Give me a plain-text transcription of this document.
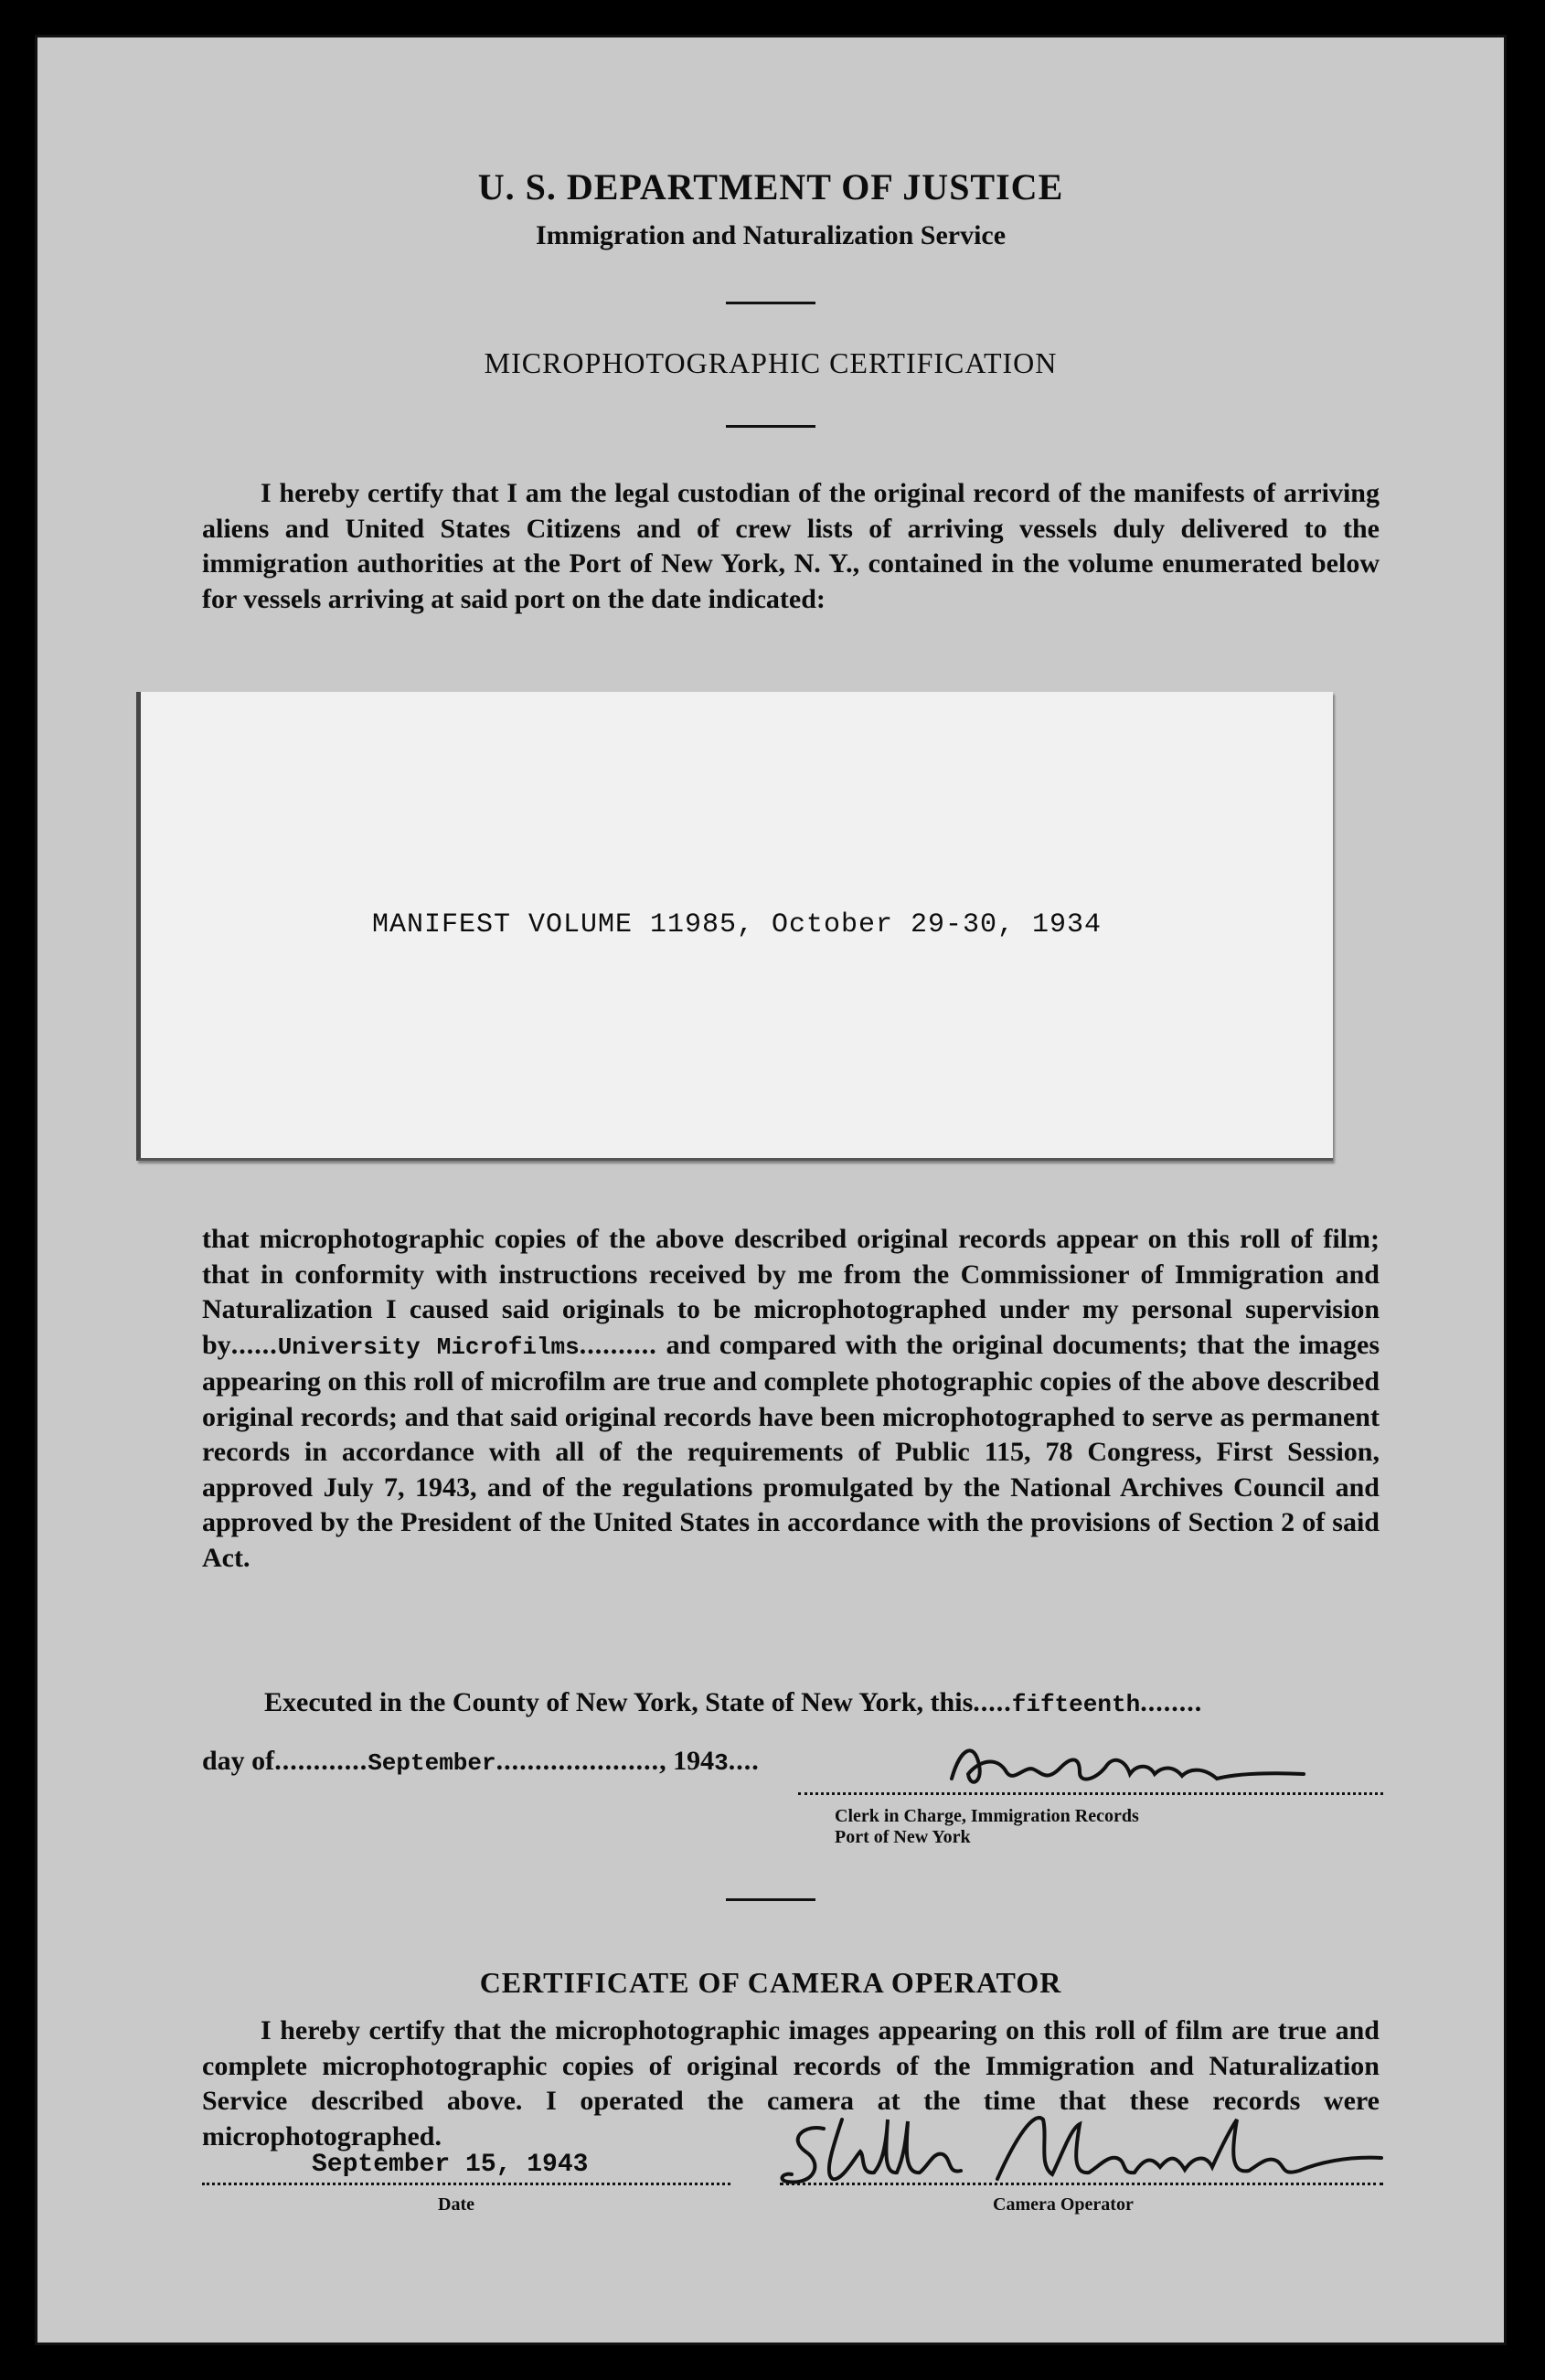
U. S. DEPARTMENT OF JUSTICE
Immigration and Naturalization Service
MICROPHOTOGRAPHIC CERTIFICATION

I hereby certify that I am the legal custodian of the original record of the manifests of arriving aliens and United States Citizens and of crew lists of arriving vessels duly delivered to the immigration authorities at the Port of New York, N. Y., contained in the volume enumerated below for vessels arriving at said port on the date indicated:

MANIFEST VOLUME 11985, October 29-30, 1934

that microphotographic copies of the above described original records appear on this roll of film; that in conformity with instructions received by me from the Commissioner of Immigration and Naturalization I caused said originals to be microphotographed under my personal supervision by......University Microfilms.......... and compared with the original documents; that the images appearing on this roll of microfilm are true and complete photographic copies of the above described original records; and that said original records have been microphotographed to serve as permanent records in accordance with all of the requirements of Public 115, 78 Congress, First Session, approved July 7, 1943, and of the regulations promulgated by the National Archives Council and approved by the President of the United States in accordance with the provisions of Section 2 of said Act.

Executed in the County of New York, State of New York, this.....fifteenth........
day of............September....................., 1943....
Clerk in Charge, Immigration Records
Port of New York
CERTIFICATE OF CAMERA OPERATOR

I hereby certify that the microphotographic images appearing on this roll of film are true and complete microphotographic copies of original records of the Immigration and Naturalization Service described above. I operated the camera at the time that these records were microphotographed.

September 15, 1943
Date	Camera Operator
